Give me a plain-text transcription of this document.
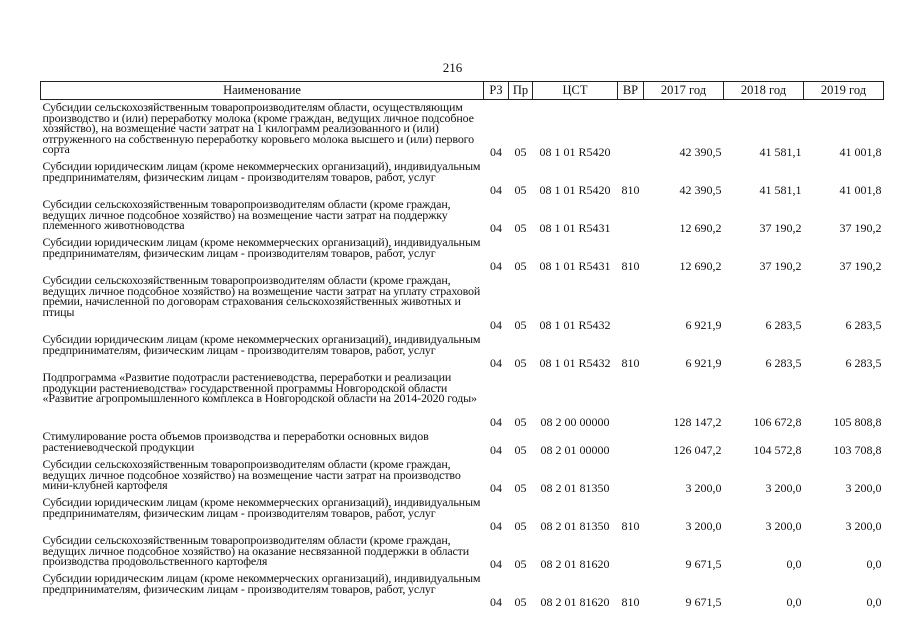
216
Наименование	РЗ	Пр	ЦСТ	ВР	2017 год	2018 год	2019 год
Субсидии сельскохозяйственным товаропроизводителям области, осуществляющим производство и (или) переработку молока (кроме граждан, ведущих личное подсобное хозяйство), на возмещение части затрат на 1 килограмм реализованного и (или) отгруженного на собственную переработку коровьего молока высшего и (или) первого сорта	04	05	08 1 01 R5420		42 390,5	41 581,1	41 001,8
Субсидии юридическим лицам (кроме некоммерческих организаций), индивидуальным предпринимателям, физическим лицам - производителям товаров, работ, услуг	04	05	08 1 01 R5420	810	42 390,5	41 581,1	41 001,8
Субсидии сельскохозяйственным товаропроизводителям области (кроме граждан, ведущих личное подсобное хозяйство) на возмещение части затрат на поддержку племенного животноводства	04	05	08 1 01 R5431		12 690,2	37 190,2	37 190,2
Субсидии юридическим лицам (кроме некоммерческих организаций), индивидуальным предпринимателям, физическим лицам - производителям товаров, работ, услуг	04	05	08 1 01 R5431	810	12 690,2	37 190,2	37 190,2
Субсидии сельскохозяйственным товаропроизводителям области (кроме граждан, ведущих личное подсобное хозяйство) на возмещение части затрат на уплату страховой премии, начисленной по договорам страхования сельскохозяйственных животных и птицы	04	05	08 1 01 R5432		6 921,9	6 283,5	6 283,5
Субсидии юридическим лицам (кроме некоммерческих организаций), индивидуальным предпринимателям, физическим лицам - производителям товаров, работ, услуг	04	05	08 1 01 R5432	810	6 921,9	6 283,5	6 283,5
Подпрограмма «Развитие подотрасли растениеводства, переработки и реализации продукции растениеводства» государственной программы Новгородской области «Развитие агропромышленного комплекса в Новгородской области на 2014-2020 годы»	04	05	08 2 00 00000		128 147,2	106 672,8	105 808,8
Стимулирование роста объемов производства и переработки основных видов растениеводческой продукции	04	05	08 2 01 00000		126 047,2	104 572,8	103 708,8
Субсидии сельскохозяйственным товаропроизводителям области (кроме граждан, ведущих личное подсобное хозяйство) на возмещение части затрат на производство мини-клубней картофеля	04	05	08 2 01 81350		3 200,0	3 200,0	3 200,0
Субсидии юридическим лицам (кроме некоммерческих организаций), индивидуальным предпринимателям, физическим лицам - производителям товаров, работ, услуг	04	05	08 2 01 81350	810	3 200,0	3 200,0	3 200,0
Субсидии сельскохозяйственным товаропроизводителям области (кроме граждан, ведущих личное подсобное хозяйство) на оказание несвязанной поддержки в области производства продовольственного картофеля	04	05	08 2 01 81620		9 671,5	0,0	0,0
Субсидии юридическим лицам (кроме некоммерческих организаций), индивидуальным предпринимателям, физическим лицам - производителям товаров, работ, услуг	04	05	08 2 01 81620	810	9 671,5	0,0	0,0
